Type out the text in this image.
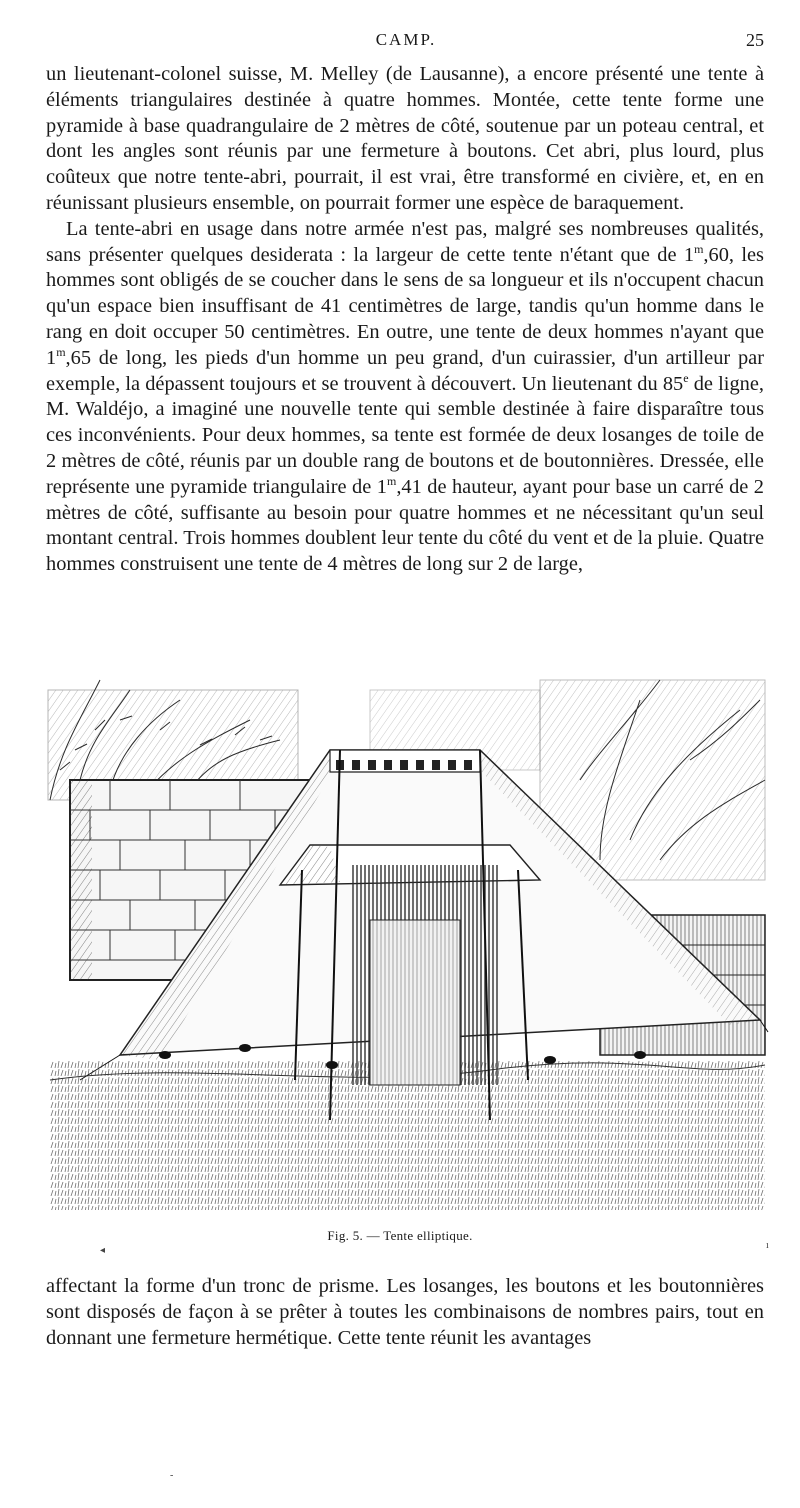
CAMP.	25

un lieutenant-colonel suisse, M. Melley (de Lausanne), a encore présenté une tente à éléments triangulaires destinée à quatre hommes. Montée, cette tente forme une pyramide à base quadrangulaire de 2 mètres de côté, soutenue par un poteau central, et dont les angles sont réunis par une fermeture à boutons. Cet abri, plus lourd, plus coûteux que notre tente-abri, pourrait, il est vrai, être transformé en civière, et, en en réunissant plusieurs ensemble, on pourrait former une espèce de baraquement.

La tente-abri en usage dans notre armée n'est pas, malgré ses nombreuses qualités, sans présenter quelques desiderata : la largeur de cette tente n'étant que de 1$^m$,60, les hommes sont obligés de se coucher dans le sens de sa longueur et ils n'occupent chacun qu'un espace bien insuffisant de 41 centimètres de large, tandis qu'un homme dans le rang en doit occuper 50 centimètres. En outre, une tente de deux hommes n'ayant que 1$^m$,65 de long, les pieds d'un homme un peu grand, d'un cuirassier, d'un artilleur par exemple, la dépassent toujours et se trouvent à découvert. Un lieutenant du 85e de ligne, M. Waldéjo, a imaginé une nouvelle tente qui semble destinée à faire disparaître tous ces inconvénients. Pour deux hommes, sa tente est formée de deux losanges de toile de 2 mètres de côté, réunis par un double rang de boutons et de boutonnières. Dressée, elle représente une pyramide triangulaire de 1$^m$,41 de hauteur, ayant pour base un carré de 2 mètres de côté, suffisante au besoin pour quatre hommes et ne nécessitant qu'un seul montant central. Trois hommes doublent leur tente du côté du vent et de la pluie. Quatre hommes construisent une tente de 4 mètres de long sur 2 de large,

Fig. 5. — Tente elliptique.

affectant la forme d'un tronc de prisme. Les losanges, les boutons et les boutonnières sont disposés de façon à se prêter à toutes les combinaisons de nombres pairs, tout en donnant une fermeture hermétique. Cette tente réunit les avantages

◂	ı
-
